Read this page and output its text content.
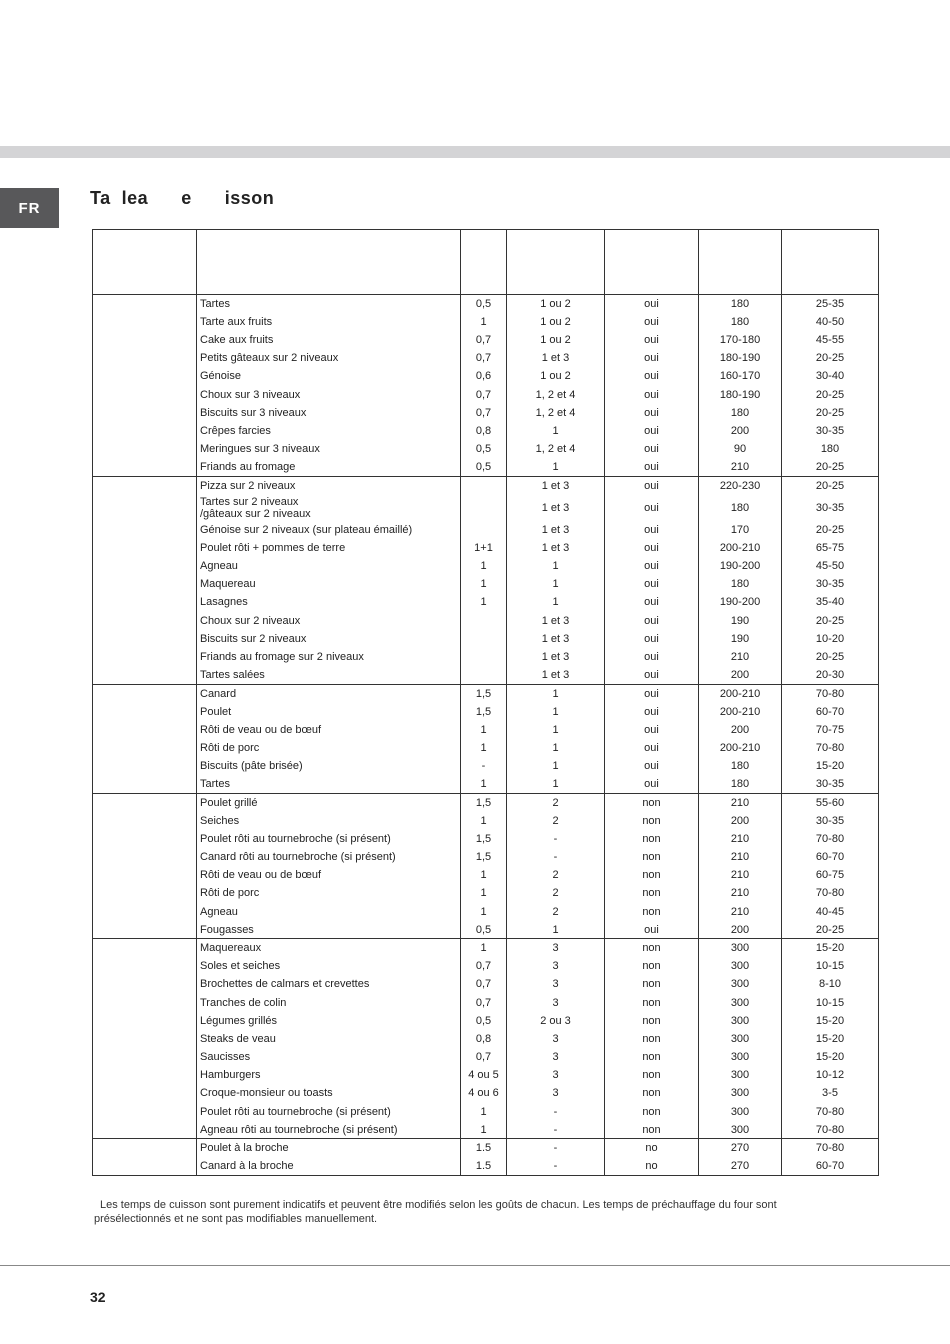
FR	Ta  lea      e      isson

	Tartes	0,5	1 ou 2	oui	180	25-35
	Tarte aux fruits	1	1 ou 2	oui	180	40-50
	Cake aux fruits	0,7	1 ou 2	oui	170-180	45-55
	Petits gâteaux sur 2 niveaux	0,7	1 et 3	oui	180-190	20-25
	Génoise	0,6	1 ou 2	oui	160-170	30-40
	Choux sur 3 niveaux	0,7	1, 2 et 4	oui	180-190	20-25
	Biscuits sur 3 niveaux	0,7	1, 2 et 4	oui	180	20-25
	Crêpes farcies	0,8	1	oui	200	30-35
	Meringues sur 3 niveaux	0,5	1, 2 et 4	oui	90	180
	Friands au fromage	0,5	1	oui	210	20-25
	Pizza sur 2 niveaux		1 et 3	oui	220-230	20-25
	Tartes sur 2 niveaux
/gâteaux sur 2 niveaux		1 et 3	oui	180	30-35
	Génoise sur 2 niveaux (sur plateau émaillé)		1 et 3	oui	170	20-25
	Poulet rôti + pommes de terre	1+1	1 et 3	oui	200-210	65-75
	Agneau	1	1	oui	190-200	45-50
	Maquereau	1	1	oui	180	30-35
	Lasagnes	1	1	oui	190-200	35-40
	Choux sur 2 niveaux		1 et 3	oui	190	20-25
	Biscuits sur 2 niveaux		1 et 3	oui	190	10-20
	Friands au fromage sur 2 niveaux		1 et 3	oui	210	20-25
	Tartes salées		1 et 3	oui	200	20-30
	Canard	1,5	1	oui	200-210	70-80
	Poulet	1,5	1	oui	200-210	60-70
	Rôti de veau ou de bœuf	1	1	oui	200	70-75
	Rôti de porc	1	1	oui	200-210	70-80
	Biscuits (pâte brisée)	-	1	oui	180	15-20
	Tartes	1	1	oui	180	30-35
	Poulet grillé	1,5	2	non	210	55-60
	Seiches	1	2	non	200	30-35
	Poulet rôti au tournebroche (si présent)	1,5	-	non	210	70-80
	Canard rôti au tournebroche (si présent)	1,5	-	non	210	60-70
	Rôti de veau ou de bœuf	1	2	non	210	60-75
	Rôti de porc	1	2	non	210	70-80
	Agneau	1	2	non	210	40-45
	Fougasses	0,5	1	oui	200	20-25
	Maquereaux	1	3	non	300	15-20
	Soles et seiches	0,7	3	non	300	10-15
	Brochettes de calmars et crevettes	0,7	3	non	300	8-10
	Tranches de colin	0,7	3	non	300	10-15
	Légumes grillés	0,5	2 ou 3	non	300	15-20
	Steaks de veau	0,8	3	non	300	15-20
	Saucisses	0,7	3	non	300	15-20
	Hamburgers	4 ou 5	3	non	300	10-12
	Croque-monsieur ou toasts	4 ou 6	3	non	300	3-5
	Poulet rôti au tournebroche (si présent)	1	-	non	300	70-80
	Agneau rôti au tournebroche (si présent)	1	-	non	300	70-80
	Poulet à la broche	1.5	-	no	270	70-80
	Canard à la broche	1.5	-	no	270	60-70
Les temps de cuisson sont purement indicatifs et peuvent être modifiés selon les goûts de chacun. Les temps de préchauffage du four sont présélectionnés et ne sont pas modifiables manuellement.
32
